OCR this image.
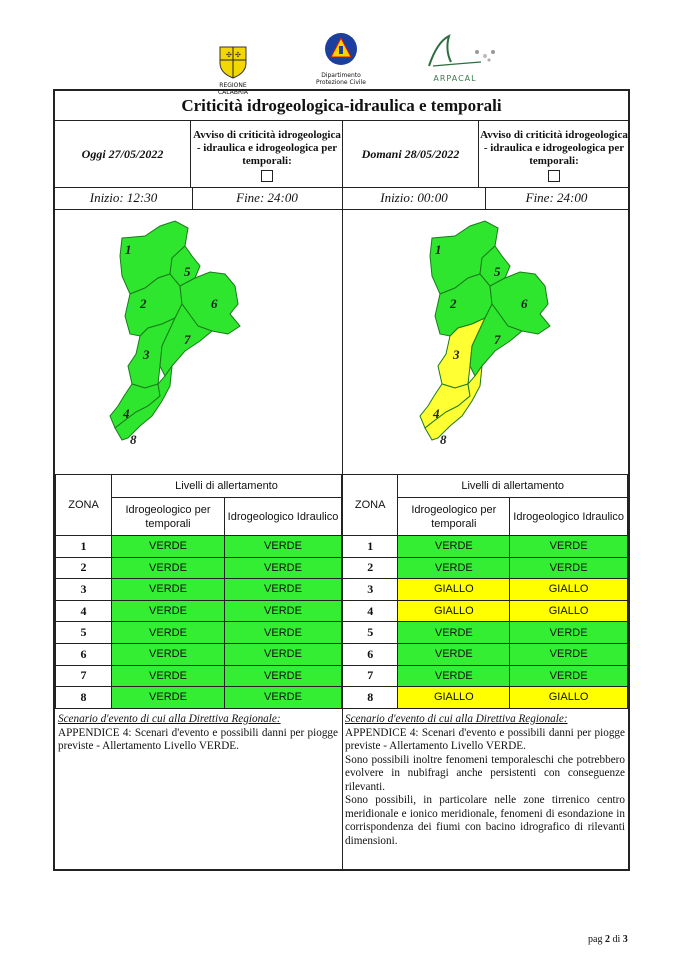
✣ ✣
REGIONE CALABRIA
Dipartimento
Protezione Civile	ARPACAL
Criticità idrogeologica-idraulica e temporali
Oggi 27/05/2022
Avviso di criticità idrogeologica - idraulica e idrogeologica per temporali:
Inizio: 12:30	Fine: 24:00
Domani 28/05/2022
Avviso di criticità idrogeologica - idraulica e idrogeologica per temporali:
Inizio: 00:00	Fine: 24:00
1
2
3
4
5
6
7
8
1
2
3
4
5
6
7
8
ZONA	Livelli di allertamento	
	Idrogeologico per temporali	Idrogeologico Idraulico
1	VERDE	VERDE
2	VERDE	VERDE
3	VERDE	VERDE
4	VERDE	VERDE
5	VERDE	VERDE
6	VERDE	VERDE
7	VERDE	VERDE
8	VERDE	VERDE
ZONA	Livelli di allertamento	
	Idrogeologico per temporali	Idrogeologico Idraulico
1	VERDE	VERDE
2	VERDE	VERDE
3	GIALLO	GIALLO
4	GIALLO	GIALLO
5	VERDE	VERDE
6	VERDE	VERDE
7	VERDE	VERDE
8	GIALLO	GIALLO
Scenario d'evento di cui alla Direttiva Regionale:
APPENDICE 4: Scenari d'evento e possibili danni per piogge previste - Allertamento Livello VERDE.
Scenario d'evento di cui alla Direttiva Regionale:
APPENDICE 4: Scenari d'evento e possibili danni per piogge previste - Allertamento Livello VERDE.
Sono possibili inoltre fenomeni temporaleschi che potrebbero evolvere in nubifragi anche persistenti con conseguenze rilevanti.
Sono possibili, in particolare nelle zone tirrenico centro meridionale e ionico meridionale, fenomeni di esondazione in corrispondenza dei fiumi con bacino idrografico di rilevanti dimensioni.
pag 2 di 3
